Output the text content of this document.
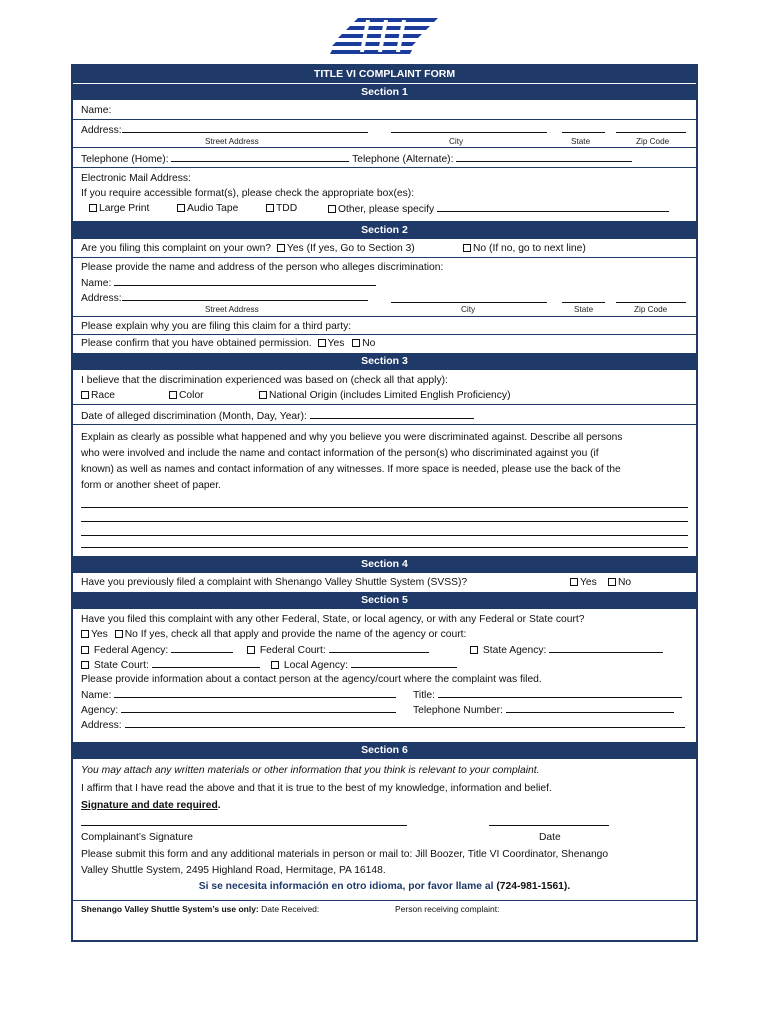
TITLE VI COMPLAINT FORM
Section 1
Name:
Address:
Street Address	City	State	Zip Code
Telephone (Home):	Telephone (Alternate):
Electronic Mail Address:
If you require accessible format(s), please check the appropriate box(es):
Large Print	Audio Tape	TDD	Other, please specify
Section 2
Are you filing this complaint on your own? Yes (If yes, Go to Section 3)	No (If no, go to next line)
Please provide the name and address of the person who alleges discrimination:
Name:
Address:
Street Address	City	State	Zip Code
Please explain why you are filing this claim for a third party:
Please confirm that you have obtained permission. Yes No
Section 3
I believe that the discrimination experienced was based on (check all that apply):
Race	Color	National Origin (includes Limited English Proficiency)
Date of alleged discrimination (Month, Day, Year):
Explain as clearly as possible what happened and why you believe you were discriminated against. Describe all persons
who were involved and include the name and contact information of the person(s) who discriminated against you (if
known) as well as names and contact information of any witnesses. If more space is needed, please use the back of the
form or another sheet of paper.
Section 4
Have you previously filed a complaint with Shenango Valley Shuttle System (SVSS)?	Yes	No
Section 5
Have you filed this complaint with any other Federal, State, or local agency, or with any Federal or State court?
Yes No If yes, check all that apply and provide the name of the agency or court:
Federal Agency:	Federal Court:	State Agency:
State Court:	Local Agency:
Please provide information about a contact person at the agency/court where the complaint was filed.
Name:	Title:
Agency:	Telephone Number:
Address:
Section 6
You may attach any written materials or other information that you think is relevant to your complaint.
I affirm that I have read the above and that it is true to the best of my knowledge, information and belief.
Signature and date required.
Complainant’s Signature	Date
Please submit this form and any additional materials in person or mail to: Jill Boozer, Title VI Coordinator, Shenango
Valley Shuttle System, 2495 Highland Road, Hermitage, PA 16148.
Si se necesita información en otro idioma, por favor llame al (724-981-1561).
Shenango Valley Shuttle System’s use only: Date Received:	Person receiving complaint:
